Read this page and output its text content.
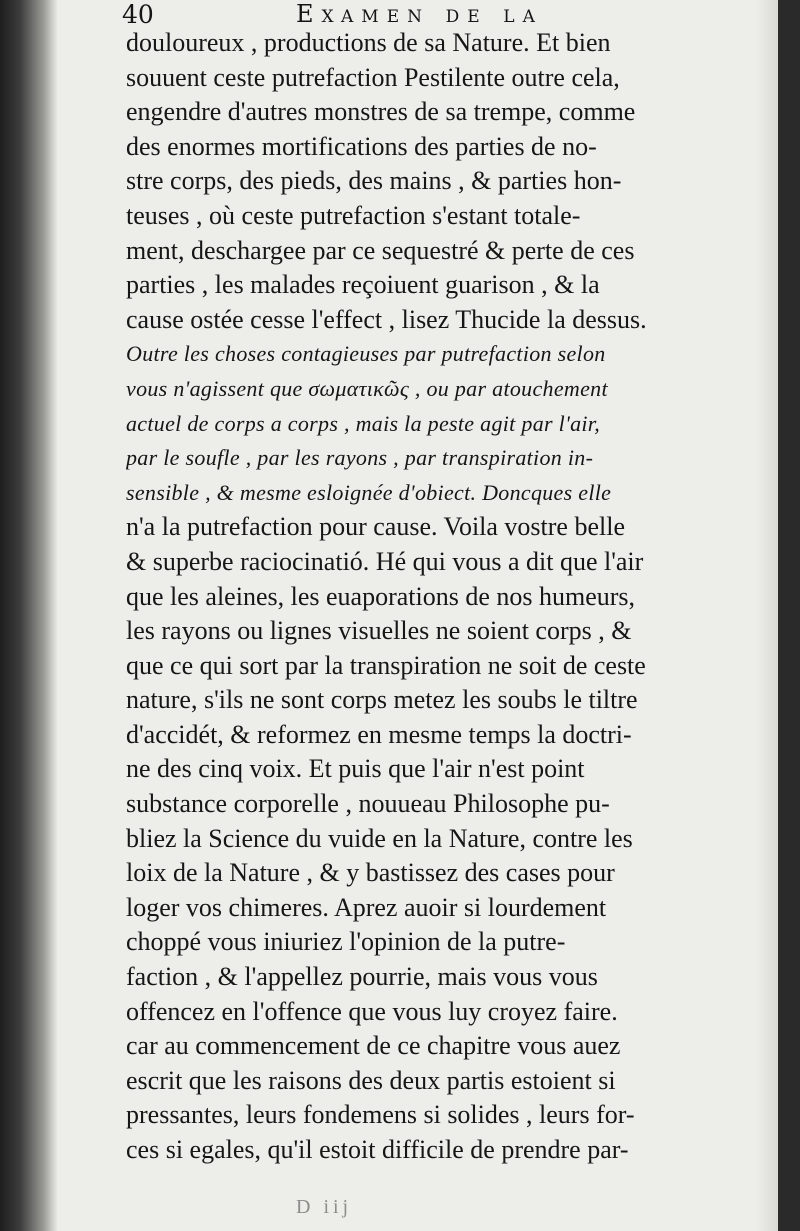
40	Examen de la
douloureux , productions de sa Nature. Et bien
souuent ceste putrefaction Pestilente outre cela,
engendre d'autres monstres de sa trempe, comme
des enormes mortifications des parties de no-
stre corps, des pieds, des mains , & parties hon-
teuses , où ceste putrefaction s'estant totale-
ment, deschargee par ce sequestré & perte de ces
parties , les malades reçoiuent guarison , & la
cause ostée cesse l'effect , lisez Thucide la dessus.
Outre les choses contagieuses par putrefaction selon
vous n'agissent que σωματικῶς , ou par atouchement
actuel de corps a corps , mais la peste agit par l'air,
par le soufle , par les rayons , par transpiration in-
sensible , & mesme esloignée d'obiect. Doncques elle
n'a la putrefaction pour cause. Voila vostre belle
& superbe raciocinatió. Hé qui vous a dit que l'air
que les aleines, les euaporations de nos humeurs,
les rayons ou lignes visuelles ne soient corps , &
que ce qui sort par la transpiration ne soit de ceste
nature, s'ils ne sont corps metez les soubs le tiltre
d'accidét, & reformez en mesme temps la doctri-
ne des cinq voix. Et puis que l'air n'est point
substance corporelle , nouueau Philosophe pu-
bliez la Science du vuide en la Nature, contre les
loix de la Nature , & y bastissez des cases pour
loger vos chimeres. Aprez auoir si lourdement
choppé vous iniuriez l'opinion de la putre-
faction , & l'appellez pourrie, mais vous vous
offencez en l'offence que vous luy croyez faire.
car au commencement de ce chapitre vous auez
escrit que les raisons des deux partis estoient si
pressantes, leurs fondemens si solides , leurs for-
ces si egales, qu'il estoit difficile de prendre par-
D iij
